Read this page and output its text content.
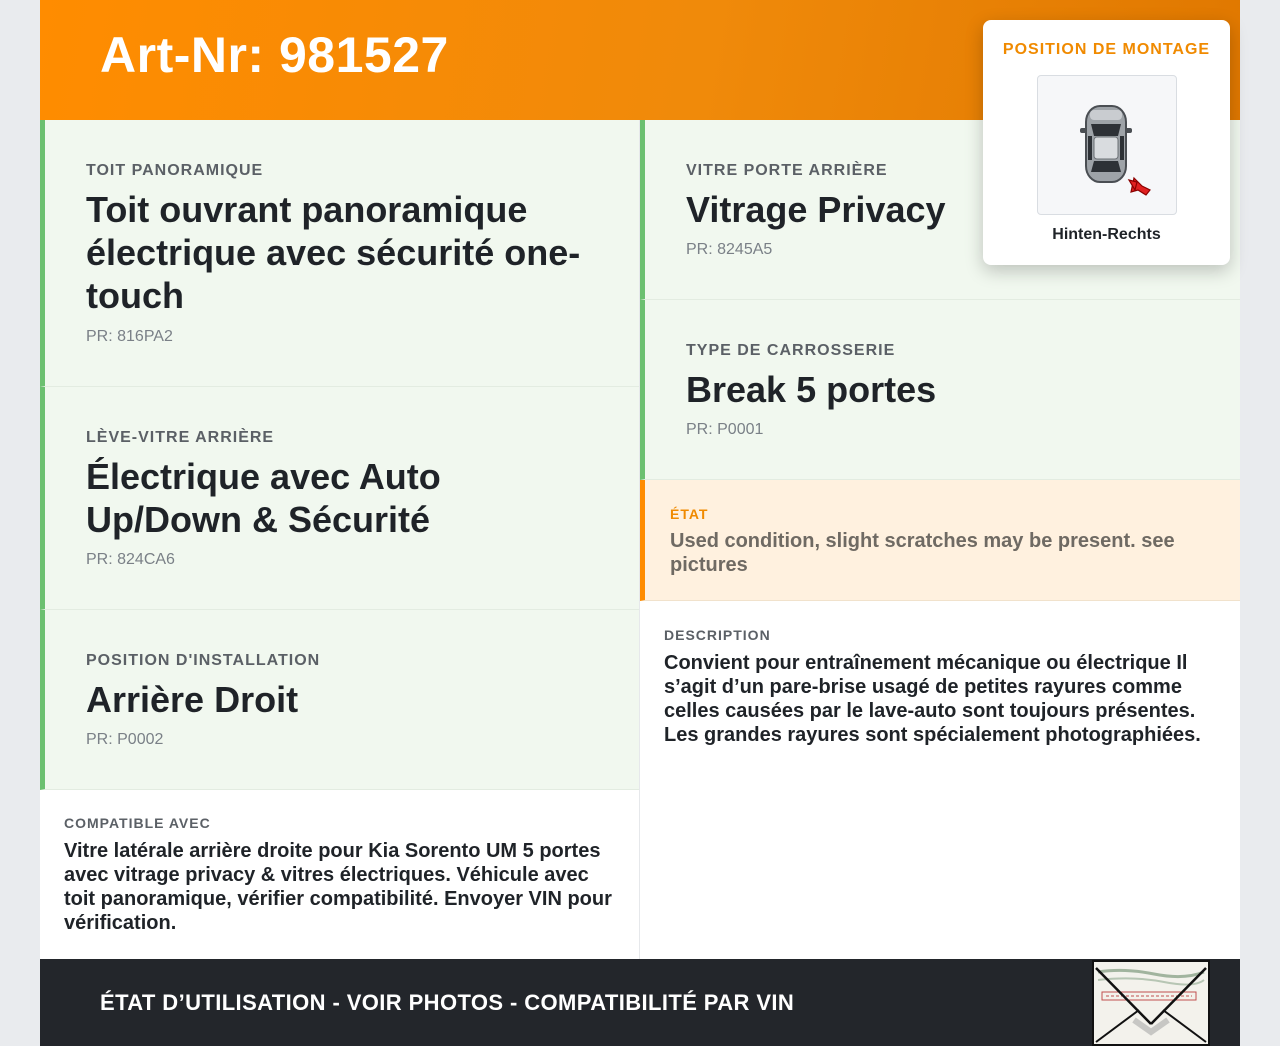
Art-Nr: 981527
TOIT PANORAMIQUE
Toit ouvrant panoramique électrique avec sécurité one-touch
PR: 816PA2
LÈVE-VITRE ARRIÈRE
Électrique avec Auto Up/Down & Sécurité
PR: 824CA6
POSITION D'INSTALLATION
Arrière Droit
PR: P0002
COMPATIBLE AVEC
Vitre latérale arrière droite pour Kia Sorento UM 5 portes avec vitrage privacy & vitres électriques. Véhicule avec toit panoramique, vérifier compatibilité. Envoyer VIN pour vérification.
VITRE PORTE ARRIÈRE
Vitrage Privacy
PR: 8245A5
TYPE DE CARROSSERIE
Break 5 portes
PR: P0001
ÉTAT
Used condition, slight scratches may be present. see pictures
DESCRIPTION
Convient pour entraînement mécanique ou électrique Il s’agit d’un pare-brise usagé de petites rayures comme celles causées par le lave-auto sont toujours présentes. Les grandes rayures sont spécialement photographiées.
ÉTAT D’UTILISATION - VOIR PHOTOS - COMPATIBILITÉ PAR VIN
POSITION DE MONTAGE
Hinten-Rechts
